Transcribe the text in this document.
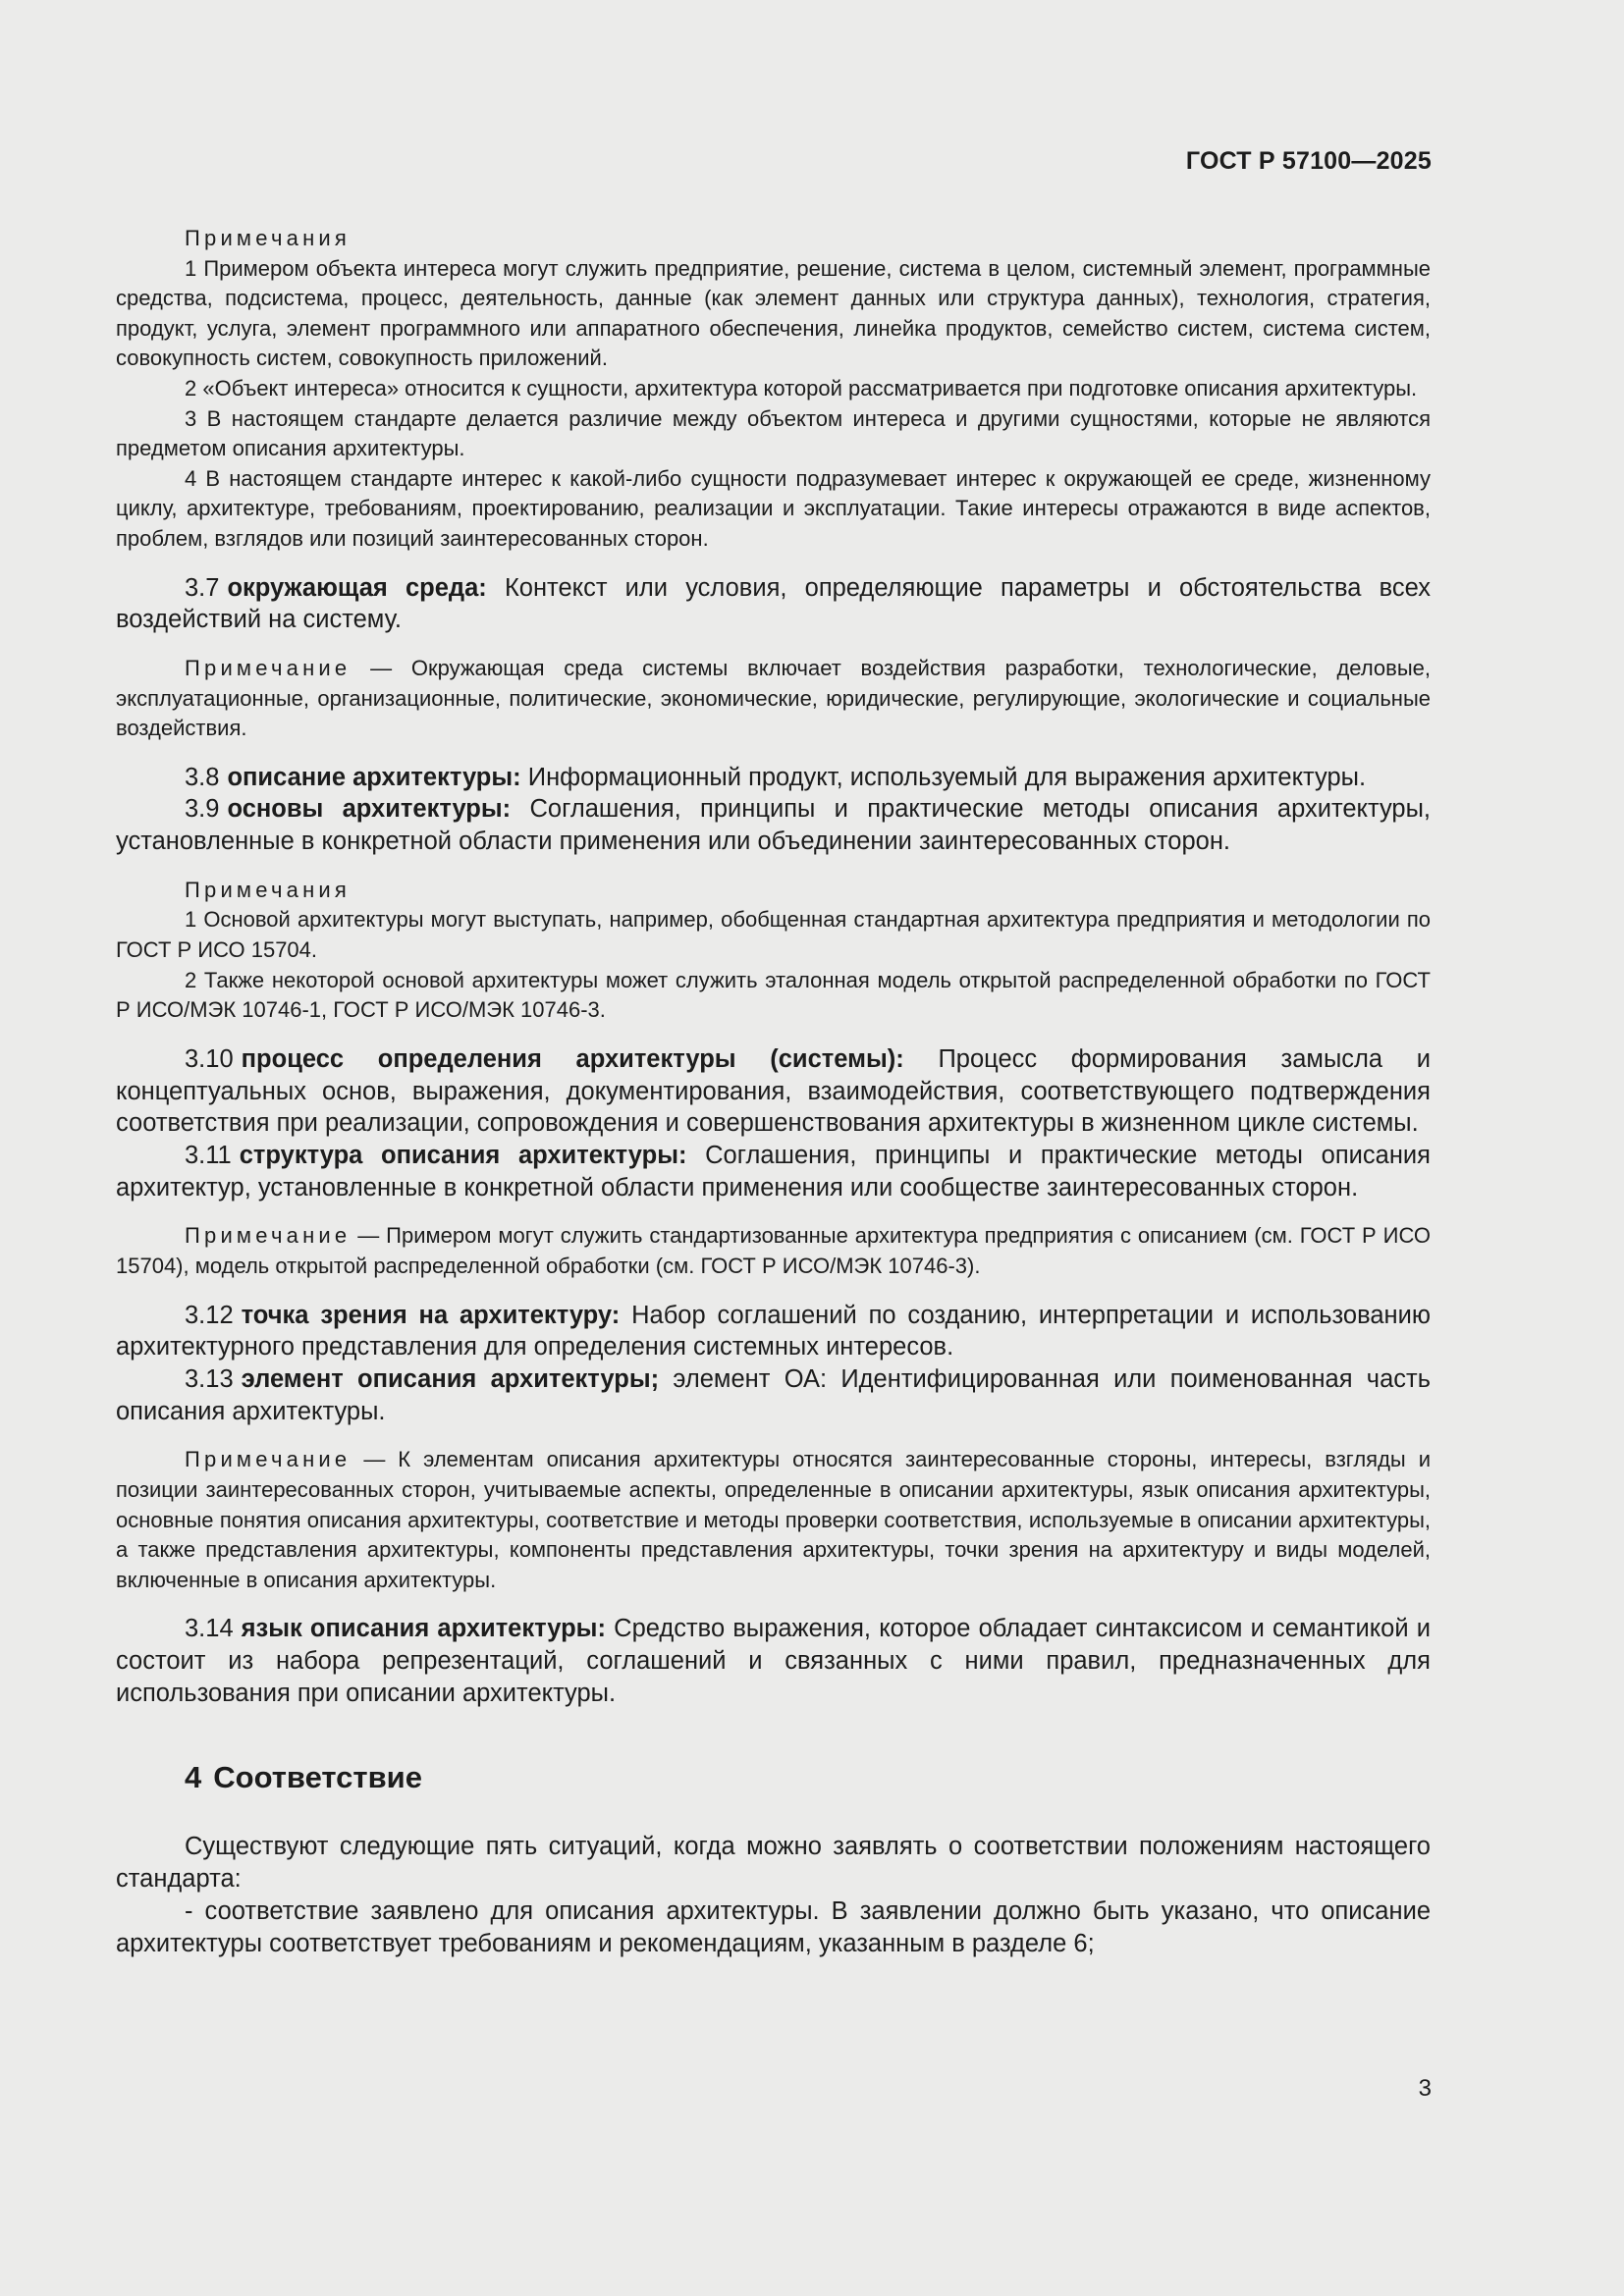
ГОСТ Р 57100—2025

Примечания

1 Примером объекта интереса могут служить предприятие, решение, система в целом, системный элемент, программные средства, подсистема, процесс, деятельность, данные (как элемент данных или структура данных), технология, стратегия, продукт, услуга, элемент программного или аппаратного обеспечения, линейка продуктов, семейство систем, система систем, совокупность систем, совокупность приложений.

2 «Объект интереса» относится к сущности, архитектура которой рассматривается при подготовке описания архитектуры.

3 В настоящем стандарте делается различие между объектом интереса и другими сущностями, которые не являются предметом описания архитектуры.

4 В настоящем стандарте интерес к какой-либо сущности подразумевает интерес к окружающей ее среде, жизненному циклу, архитектуре, требованиям, проектированию, реализации и эксплуатации. Такие интересы отражаются в виде аспектов, проблем, взглядов или позиций заинтересованных сторон.

3.7 окружающая среда: Контекст или условия, определяющие параметры и обстоятельства всех воздействий на систему.

Примечание — Окружающая среда системы включает воздействия разработки, технологические, деловые, эксплуатационные, организационные, политические, экономические, юридические, регулирующие, экологические и социальные воздействия.

3.8 описание архитектуры: Информационный продукт, используемый для выражения архитектуры.

3.9 основы архитектуры: Соглашения, принципы и практические методы описания архитектуры, установленные в конкретной области применения или объединении заинтересованных сторон.

Примечания

1 Основой архитектуры могут выступать, например, обобщенная стандартная архитектура предприятия и методологии по ГОСТ Р ИСО 15704.

2 Также некоторой основой архитектуры может служить эталонная модель открытой распределенной обработки по ГОСТ Р ИСО/МЭК 10746-1, ГОСТ Р ИСО/МЭК 10746-3.

3.10 процесс определения архитектуры (системы): Процесс формирования замысла и концептуальных основ, выражения, документирования, взаимодействия, соответствующего подтверждения соответствия при реализации, сопровождения и совершенствования архитектуры в жизненном цикле системы.

3.11 структура описания архитектуры: Соглашения, принципы и практические методы описания архитектур, установленные в конкретной области применения или сообществе заинтересованных сторон.

Примечание — Примером могут служить стандартизованные архитектура предприятия с описанием (см. ГОСТ Р ИСО 15704), модель открытой распределенной обработки (см. ГОСТ Р ИСО/МЭК 10746-3).

3.12 точка зрения на архитектуру: Набор соглашений по созданию, интерпретации и использованию архитектурного представления для определения системных интересов.

3.13 элемент описания архитектуры; элемент ОА: Идентифицированная или поименованная часть описания архитектуры.

Примечание — К элементам описания архитектуры относятся заинтересованные стороны, интересы, взгляды и позиции заинтересованных сторон, учитываемые аспекты, определенные в описании архитектуры, язык описания архитектуры, основные понятия описания архитектуры, соответствие и методы проверки соответствия, используемые в описании архитектуры, а также представления архитектуры, компоненты представления архитектуры, точки зрения на архитектуру и виды моделей, включенные в описания архитектуры.

3.14 язык описания архитектуры: Средство выражения, которое обладает синтаксисом и семантикой и состоит из набора репрезентаций, соглашений и связанных с ними правил, предназначенных для использования при описании архитектуры.

4 Соответствие

Существуют следующие пять ситуаций, когда можно заявлять о соответствии положениям настоящего стандарта:

- соответствие заявлено для описания архитектуры. В заявлении должно быть указано, что описание архитектуры соответствует требованиям и рекомендациям, указанным в разделе 6;

3
